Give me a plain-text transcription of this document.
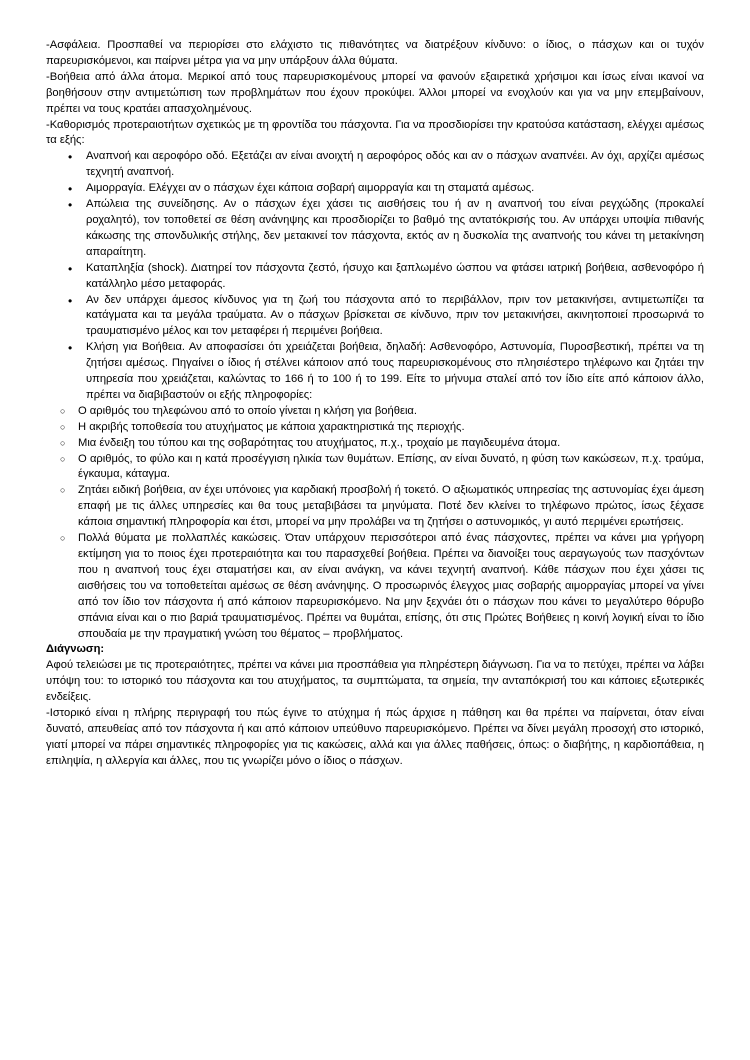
-Ασφάλεια. Προσπαθεί να περιορίσει στο ελάχιστο τις πιθανότητες να διατρέξουν κίνδυνο: ο ίδιος, ο πάσχων και οι τυχόν παρευρισκόμενοι, και παίρνει μέτρα για να μην υπάρξουν άλλα θύματα.

-Βοήθεια από άλλα άτομα. Μερικοί από τους παρευρισκομένους μπορεί να φανούν εξαιρετικά χρήσιμοι και ίσως είναι ικανοί να βοηθήσουν στην αντιμετώπιση των προβλημάτων που έχουν προκύψει. Άλλοι μπορεί να ενοχλούν και για να μην επεμβαίνουν, πρέπει να τους κρατάει απασχολημένους.

-Καθορισμός προτεραιοτήτων σχετικώς με τη φροντίδα του πάσχοντα. Για να προσδιορίσει την κρατούσα κατάσταση, ελέγχει αμέσως τα εξής:

• Αναπνοή και αεροφόρο οδό. Εξετάζει αν είναι ανοιχτή η αεροφόρος οδός και αν ο πάσχων αναπνέει. Αν όχι, αρχίζει αμέσως τεχνητή αναπνοή.
• Αιμορραγία. Ελέγχει αν ο πάσχων έχει κάποια σοβαρή αιμορραγία και τη σταματά αμέσως.
• Απώλεια της συνείδησης. Αν ο πάσχων έχει χάσει τις αισθήσεις του ή αν η αναπνοή του είναι ρεγχώδης (προκαλεί ροχαλητό), τον τοποθετεί σε θέση ανάνηψης και προσδιορίζει το βαθμό της αντατόκρισής του. Αν υπάρχει υποψία πιθανής κάκωσης της σπονδυλικής στήλης, δεν μετακινεί τον πάσχοντα, εκτός αν η δυσκολία της αναπνοής του κάνει τη μετακίνηση απαραίτητη.
• Καταπληξία (shock). Διατηρεί τον πάσχοντα ζεστό, ήσυχο και ξαπλωμένο ώσπου να φτάσει ιατρική βοήθεια, ασθενοφόρο ή κατάλληλο μέσο μεταφοράς.
• Αν δεν υπάρχει άμεσος κίνδυνος για τη ζωή του πάσχοντα από το περιβάλλον, πριν τον μετακινήσει, αντιμετωπίζει τα κατάγματα και τα μεγάλα τραύματα. Αν ο πάσχων βρίσκεται σε κίνδυνο, πριν τον μετακινήσει, ακινητοποιεί προσωρινά το τραυματισμένο μέλος και τον μεταφέρει ή περιμένει βοήθεια.
• Κλήση για Βοήθεια. Αν αποφασίσει ότι χρειάζεται βοήθεια, δηλαδή: Ασθενοφόρο, Αστυνομία, Πυροσβεστική, πρέπει να τη ζητήσει αμέσως. Πηγαίνει ο ίδιος ή στέλνει κάποιον από τους παρευρισκομένους στο πλησιέστερο τηλέφωνο και ζητάει την υπηρεσία που χρειάζεται, καλώντας το 166 ή το 100 ή το 199. Είτε το μήνυμα σταλεί από τον ίδιο είτε από κάποιον άλλο, πρέπει να διαβιβαστούν οι εξής πληροφορίες:
○ Ο αριθμός του τηλεφώνου από το οποίο γίνεται η κλήση για βοήθεια.
○ Η ακριβής τοποθεσία του ατυχήματος με κάποια χαρακτηριστικά της περιοχής.
○ Μια ένδειξη του τύπου και της σοβαρότητας του ατυχήματος, π.χ., τροχαίο με παγιδευμένα άτομα.
○ Ο αριθμός, το φύλο και η κατά προσέγγιση ηλικία των θυμάτων. Επίσης, αν είναι δυνατό, η φύση των κακώσεων, π.χ. τραύμα, έγκαυμα, κάταγμα.
○ Ζητάει ειδική βοήθεια, αν έχει υπόνοιες για καρδιακή προσβολή ή τοκετό. Ο αξιωματικός υπηρεσίας της αστυνομίας έχει άμεση επαφή με τις άλλες υπηρεσίες και θα τους μεταβιβάσει τα μηνύματα. Ποτέ δεν κλείνει το τηλέφωνο πρώτος, ίσως ξέχασε κάποια σημαντική πληροφορία και έτσι, μπορεί να μην προλάβει να τη ζητήσει ο αστυνομικός, γι αυτό περιμένει ερωτήσεις.
○ Πολλά θύματα με πολλαπλές κακώσεις. Όταν υπάρχουν περισσότεροι από ένας πάσχοντες, πρέπει να κάνει μια γρήγορη εκτίμηση για το ποιος έχει προτεραιότητα και του παρασχεθεί βοήθεια. Πρέπει να διανοίξει τους αεραγωγούς των πασχόντων που η αναπνοή τους έχει σταματήσει και, αν είναι ανάγκη, να κάνει τεχνητή αναπνοή. Κάθε πάσχων που έχει χάσει τις αισθήσεις του να τοποθετείται αμέσως σε θέση ανάνηψης. Ο προσωρινός έλεγχος μιας σοβαρής αιμορραγίας μπορεί να γίνει από τον ίδιο τον πάσχοντα ή από κάποιον παρευρισκόμενο. Να μην ξεχνάει ότι ο πάσχων που κάνει το μεγαλύτερο θόρυβο σπάνια είναι και ο πιο βαριά τραυματισμένος. Πρέπει να θυμάται, επίσης, ότι στις Πρώτες Βοήθειες η κοινή λογική είναι το ίδιο σπουδαία με την πραγματική γνώση του θέματος – προβλήματος.
Διάγνωση:

Αφού τελειώσει με τις προτεραιότητες, πρέπει να κάνει μια προσπάθεια για πληρέστερη διάγνωση. Για να το πετύχει, πρέπει να λάβει υπόψη του: το ιστορικό του πάσχοντα και του ατυχήματος, τα συμπτώματα, τα σημεία, την ανταπόκρισή του και κάποιες εξωτερικές ενδείξεις.

-Ιστορικό είναι η πλήρης περιγραφή του πώς έγινε το ατύχημα ή πώς άρχισε η πάθηση και θα πρέπει να παίρνεται, όταν είναι δυνατό, απευθείας από τον πάσχοντα ή και από κάποιον υπεύθυνο παρευρισκόμενο. Πρέπει να δίνει μεγάλη προσοχή στο ιστορικό, γιατί μπορεί να πάρει σημαντικές πληροφορίες για τις κακώσεις, αλλά και για άλλες παθήσεις, όπως: ο διαβήτης, η καρδιοπάθεια, η επιληψία, η αλλεργία και άλλες, που τις γνωρίζει μόνο ο ίδιος ο πάσχων.
